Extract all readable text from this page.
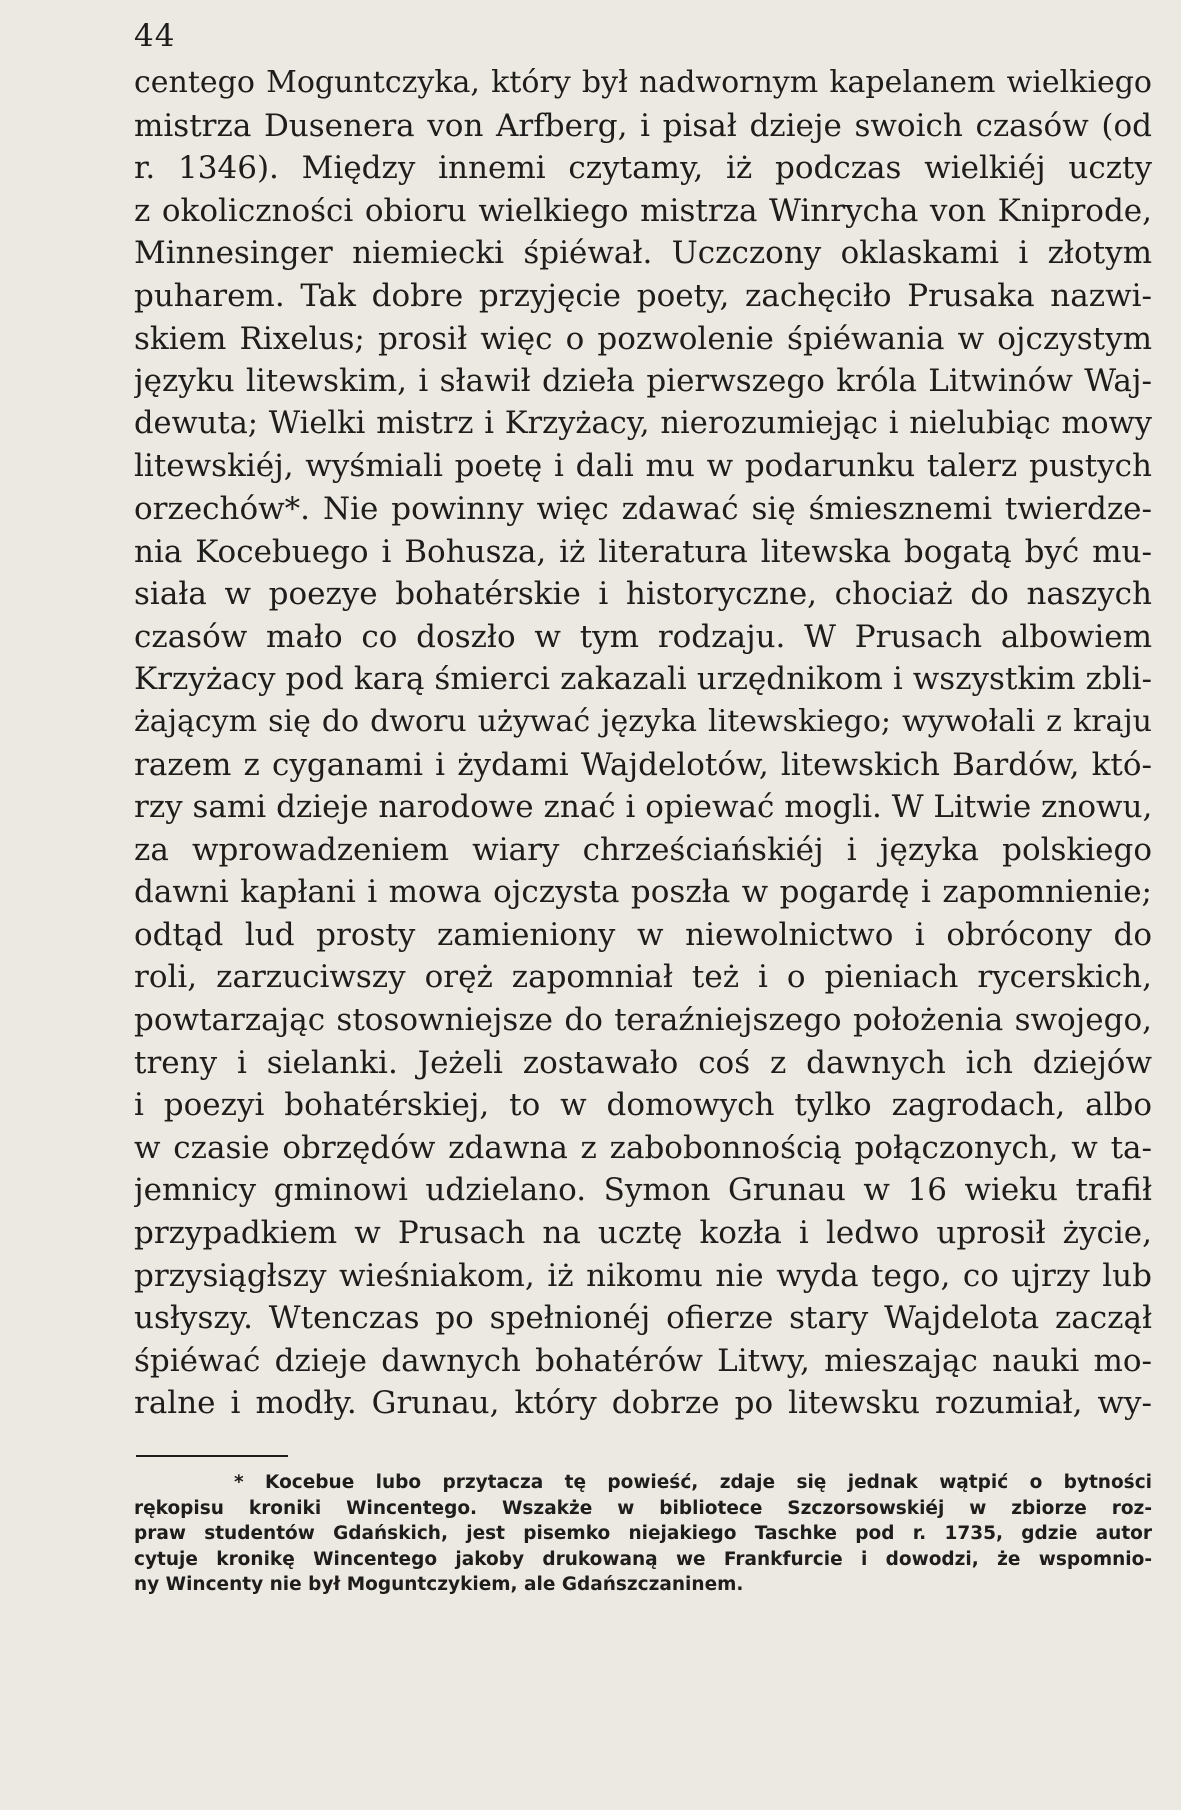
44
centego Moguntczyka, który był nadwornym kapelanem wielkiego
mistrza Dusenera von Arfberg, i pisał dzieje swoich czasów (od
r. 1346). Między innemi czytamy, iż podczas wielkiéj uczty
z okoliczności obioru wielkiego mistrza Winrycha von Kniprode,
Minnesinger niemiecki śpiéwał. Uczczony oklaskami i złotym
puharem. Tak dobre przyjęcie poety, zachęciło Prusaka nazwi-
skiem Rixelus; prosił więc o pozwolenie śpiéwania w ojczystym
języku litewskim, i sławił dzieła pierwszego króla Litwinów Waj-
dewuta; Wielki mistrz i Krzyżacy, nierozumiejąc i nielubiąc mowy
litewskiéj, wyśmiali poetę i dali mu w podarunku talerz pustych
orzechów*. Nie powinny więc zdawać się śmiesznemi twierdze-
nia Kocebuego i Bohusza, iż literatura litewska bogatą być mu-
siała w poezye bohatérskie i historyczne, chociaż do naszych
czasów mało co doszło w tym rodzaju. W Prusach albowiem
Krzyżacy pod karą śmierci zakazali urzędnikom i wszystkim zbli-
żającym się do dworu używać języka litewskiego; wywołali z kraju
razem z cyganami i żydami Wajdelotów, litewskich Bardów, któ-
rzy sami dzieje narodowe znać i opiewać mogli. W Litwie znowu,
za wprowadzeniem wiary chrześciańskiéj i języka polskiego
dawni kapłani i mowa ojczysta poszła w pogardę i zapomnienie;
odtąd lud prosty zamieniony w niewolnictwo i obrócony do
roli, zarzuciwszy oręż zapomniał też i o pieniach rycerskich,
powtarzając stosowniejsze do teraźniejszego położenia swojego,
treny i sielanki. Jeżeli zostawało coś z dawnych ich dziejów
i poezyi bohatérskiej, to w domowych tylko zagrodach, albo
w czasie obrzędów zdawna z zabobonnością połączonych, w ta-
jemnicy gminowi udzielano. Symon Grunau w 16 wieku trafił
przypadkiem w Prusach na ucztę kozła i ledwo uprosił życie,
przysiągłszy wieśniakom, iż nikomu nie wyda tego, co ujrzy lub
usłyszy. Wtenczas po spełnionéj ofierze stary Wajdelota zaczął
śpiéwać dzieje dawnych bohatérów Litwy, mieszając nauki mo-
ralne i modły. Grunau, który dobrze po litewsku rozumiał, wy-
* Kocebue lubo przytacza tę powieść, zdaje się jednak wątpić o bytności
rękopisu kroniki Wincentego. Wszakże w bibliotece Szczorsowskiéj w zbiorze roz-
praw studentów Gdańskich, jest pisemko niejakiego Taschke pod r. 1735, gdzie autor
cytuje kronikę Wincentego jakoby drukowaną we Frankfurcie i dowodzi, że wspomnio-
ny Wincenty nie był Moguntczykiem, ale Gdańszczaninem.
